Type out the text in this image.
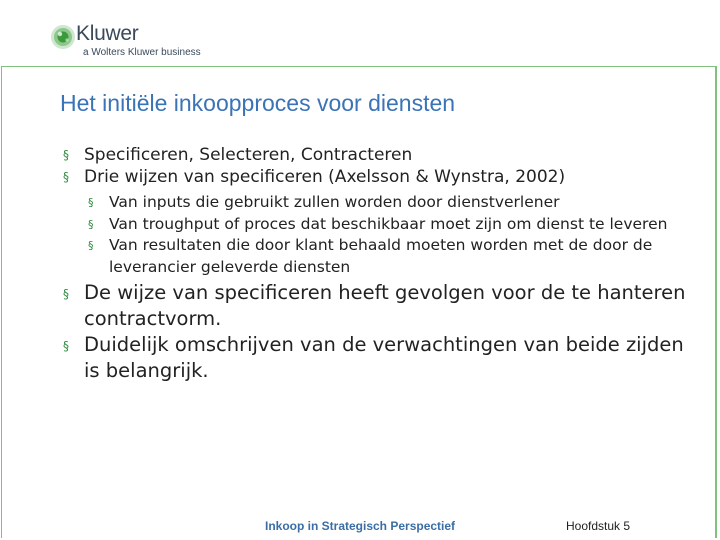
Kluwer
a Wolters Kluwer business
Het initiële inkoopproces voor diensten
§ Specificeren, Selecteren, Contracteren
§ Drie wijzen van specificeren (Axelsson & Wynstra, 2002)
§ Van inputs die gebruikt zullen worden door dienstverlener
§ Van troughput of proces dat beschikbaar moet zijn om dienst te leveren
§ Van resultaten die door klant behaald moeten worden met de door de leverancier geleverde diensten
§ De wijze van specificeren heeft gevolgen voor de te hanteren contractvorm.
§ Duidelijk omschrijven van de verwachtingen van beide zijden is belangrijk.
Inkoop in Strategisch Perspectief	Hoofdstuk 5
